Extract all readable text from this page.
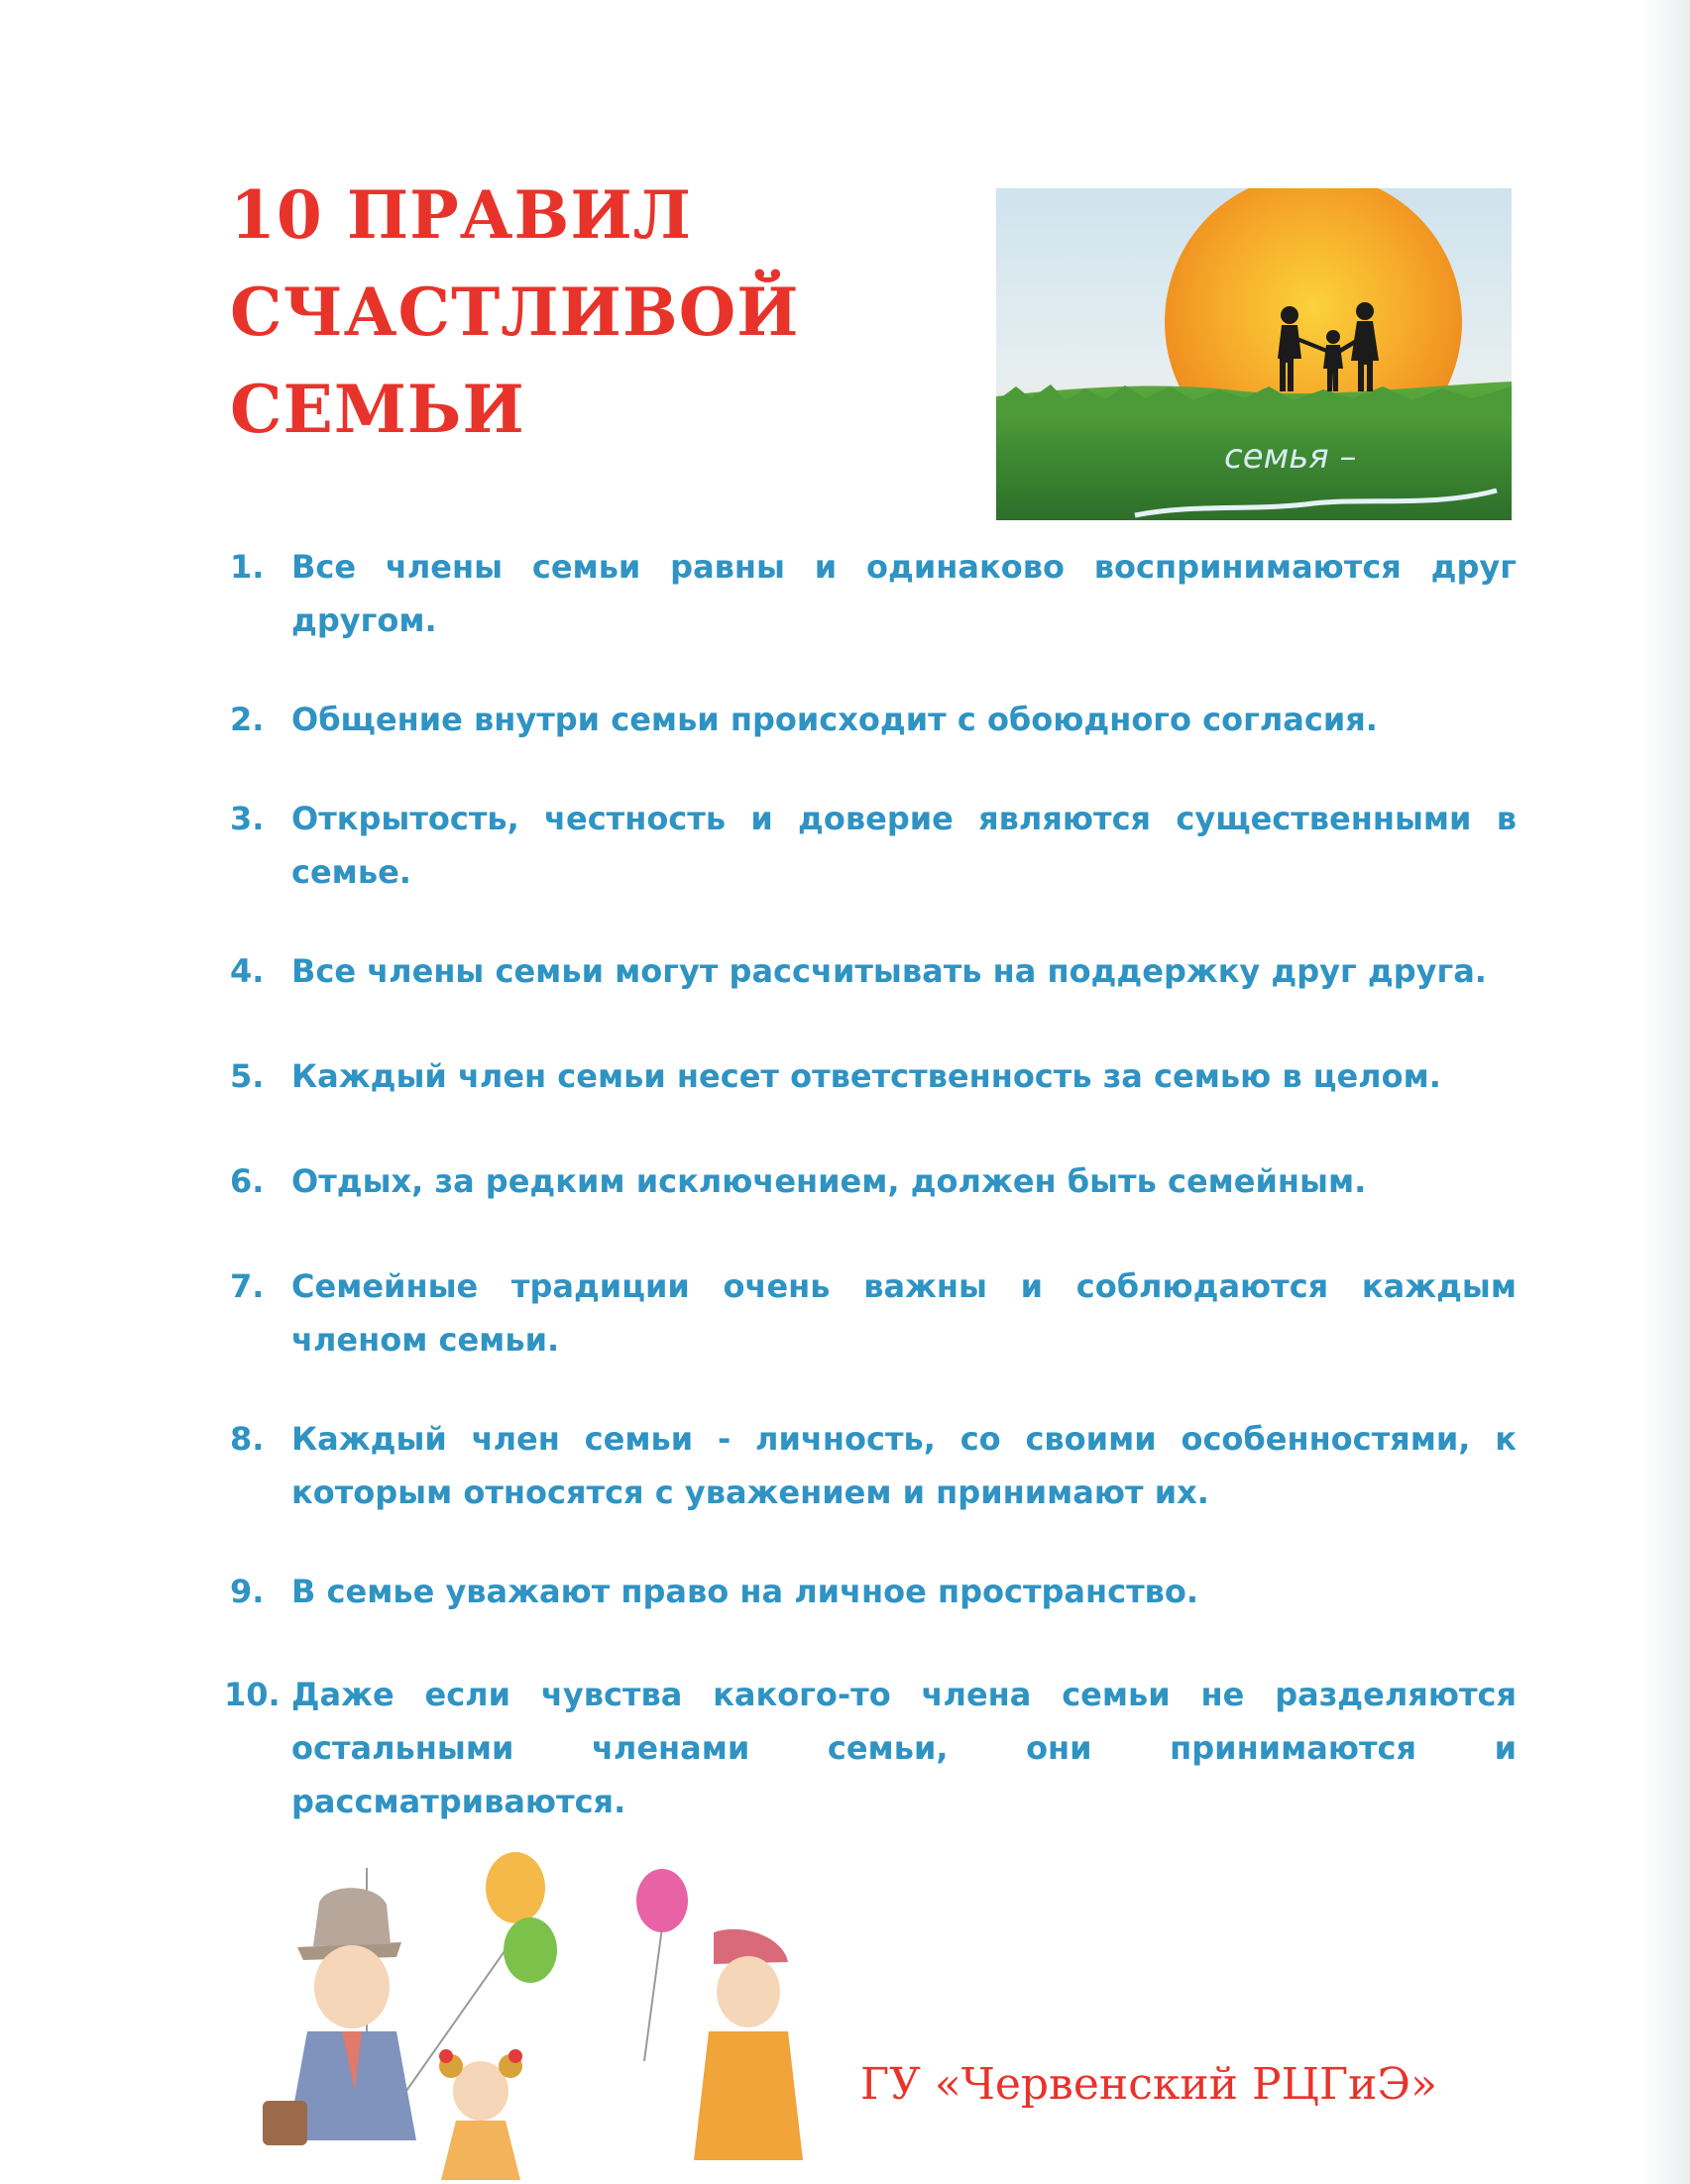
10 ПРАВИЛ
СЧАСТЛИВОЙ
СЕМЬИ
семья –
1. Все члены семьи равны и одинаково воспринимаются друг другом.
2. Общение внутри семьи происходит с обоюдного согласия.
3. Открытость, честность и доверие являются существенными в семье.
4. Все члены семьи могут рассчитывать на поддержку друг друга.
5. Каждый член семьи несет ответственность за семью в целом.
6. Отдых, за редким исключением, должен быть семейным.
7. Семейные традиции очень важны и соблюдаются каждым членом семьи.
8. Каждый член семьи - личность, со своими особенностями, к которым относятся с уважением и принимают их.
9. В семье уважают право на личное пространство.
10. Даже если чувства какого-то члена семьи не разделяются остальными членами семьи, они принимаются и рассматриваются.
ГУ «Червенский РЦГиЭ»
